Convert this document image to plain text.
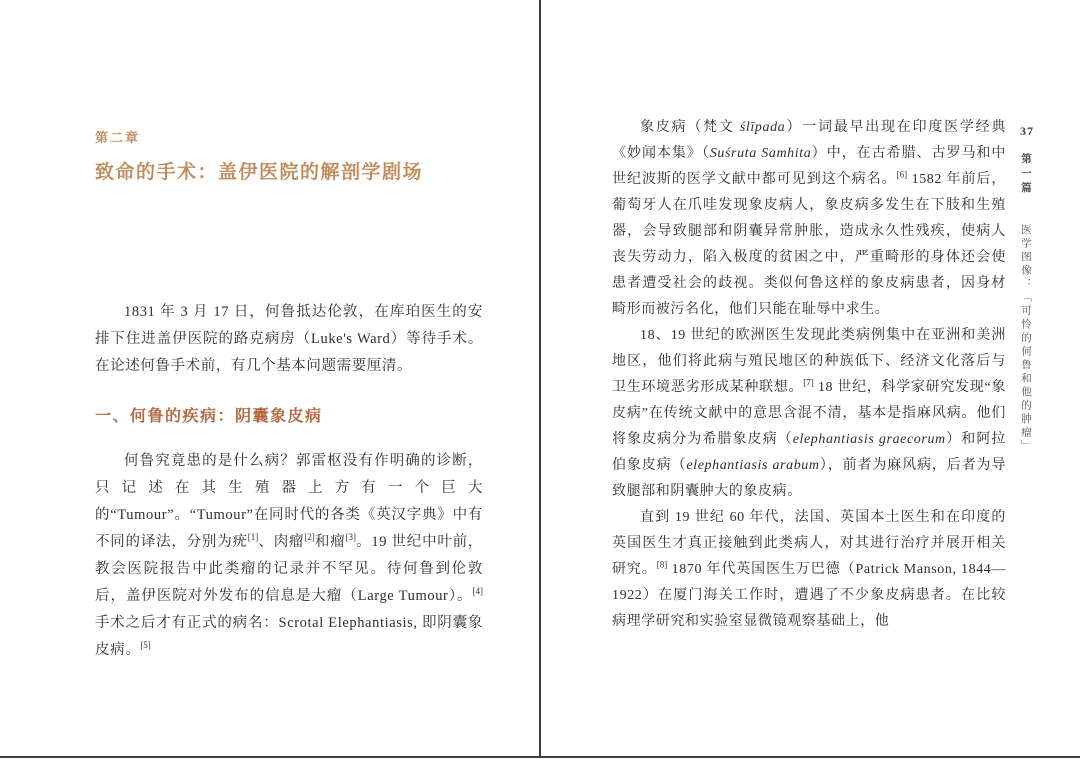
第二章
致命的手术：盖伊医院的解剖学剧场

1831 年 3 月 17 日，何鲁抵达伦敦，在库珀医生的安排下住进盖伊医院的路克病房（Luke's Ward）等待手术。在论述何鲁手术前，有几个基本问题需要厘清。

一、何鲁的疾病：阴囊象皮病

何鲁究竟患的是什么病？郭雷枢没有作明确的诊断，只记述在其生殖器上方有一个巨大的“Tumour”。“Tumour”在同时代的各类《英汉字典》中有不同的译法，分别为疣[1]、肉瘤[2]和瘤[3]。19 世纪中叶前，教会医院报告中此类瘤的记录并不罕见。待何鲁到伦敦后，盖伊医院对外发布的信息是大瘤（Large Tumour）。[4] 手术之后才有正式的病名：Scrotal Elephantiasis, 即阴囊象皮病。[5]

象皮病（梵文 ślīpada）一词最早出现在印度医学经典《妙闻本集》（Suśruta Samhita）中，在古希腊、古罗马和中世纪波斯的医学文献中都可见到这个病名。[6] 1582 年前后，葡萄牙人在爪哇发现象皮病人，象皮病多发生在下肢和生殖器，会导致腿部和阴囊异常肿胀，造成永久性残疾，使病人丧失劳动力，陷入极度的贫困之中，严重畸形的身体还会使患者遭受社会的歧视。类似何鲁这样的象皮病患者，因身材畸形而被污名化，他们只能在耻辱中求生。

18、19 世纪的欧洲医生发现此类病例集中在亚洲和美洲地区，他们将此病与殖民地区的种族低下、经济文化落后与卫生环境恶劣形成某种联想。[7] 18 世纪，科学家研究发现“象皮病”在传统文献中的意思含混不清，基本是指麻风病。他们将象皮病分为希腊象皮病（elephantiasis graecorum）和阿拉伯象皮病（elephantiasis arabum），前者为麻风病，后者为导致腿部和阴囊肿大的象皮病。

直到 19 世纪 60 年代，法国、英国本土医生和在印度的英国医生才真正接触到此类病人，对其进行治疗并展开相关研究。[8] 1870 年代英国医生万巴德（Patrick Manson, 1844—1922）在厦门海关工作时，遭遇了不少象皮病患者。在比较病理学研究和实验室显微镜观察基础上，他

37
第一篇 医学图像：「可怜的何鲁和他的肿瘤」
